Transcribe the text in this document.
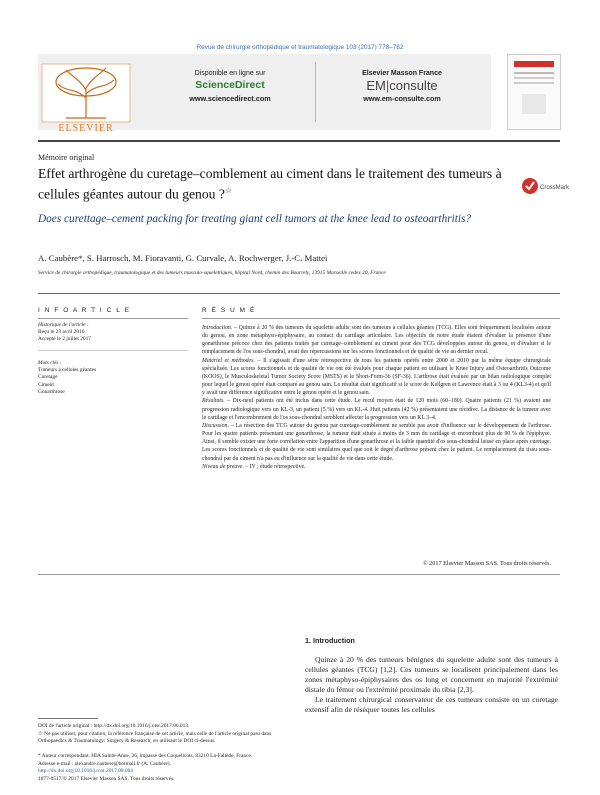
Revue de chirurgie orthopédique et traumatologique 103 (2017) 778–782
ELSEVIER
Disponible en ligne sur
ScienceDirect
www.sciencedirect.com
Elsevier Masson France
EM|consulte
www.em-consulte.com
Mémoire original
Effet arthrogène du curetage–comblement au ciment dans le traitement des tumeurs à cellules géantes autour du genou ?☆	CrossMark
Does curettage–cement packing for treating giant cell tumors at the knee lead to osteoarthritis?
A. Caubère*, S. Harrosch, M. Fioravanti, G. Curvale, A. Rochwerger, J.-C. Mattei
Service de chirurgie orthopédique, traumatologique et des tumeurs musculo-squelettiques, hôpital Nord, chemin des Bourrely, 13915 Marseille cedex 20, France
I N F O A R T I C L E
Historique de l'article :
Reçu le 23 avril 2016
Accepté le 2 juillet 2017
Mots clés :
Tumeurs à cellules géantes
Curetage
Ciment
Gonarthrose
R É S U M É

Introduction. – Quinze à 20 % des tumeurs du squelette adulte sont des tumeurs à cellules géantes (TCG). Elles sont fréquemment localisées autour du genou, en zone métaphyso-épiphysaire, au contact du cartilage articulaire. Les objectifs de notre étude étaient d'évaluer la présence d'une gonarthrose précoce chez des patients traités par curetage–comblement au ciment pour des TCG développées autour du genou, et d'évaluer si le remplacement de l'os sous-chondral, avait des répercussions sur les scores fonctionnels et de qualité de vie au dernier recul.

Matériel et méthodes. – Il s'agissait d'une série rétrospective de tous les patients opérés entre 2000 et 2010 par la même équipe chirurgicale spécialisée. Les scores fonctionnels et de qualité de vie ont été évalués pour chaque patient en utilisant le Knee Injury and Osteoarthritis Outcome (KOOS), le Musculoskeletal Tumor Society Score (MSTS) et le Short-Form-36 (SF-36). L'arthrose était évaluée par un bilan radiologique complet pour lequel le genou opéré était comparé au genou sain. Le résultat était significatif si le score de Kellgren et Lawrence était à 3 ou 4 (KL3-4) et qu'il y avait une différence significative entre le genou opéré et le genou sain.

Résultats. – Dix-neuf patients ont été inclus dans cette étude. Le recul moyen était de 120 mois (60–180). Quatre patients (21 %) avaient une progression radiologique vers un KL-3, un patient (5 %) vers un KL-4. Huit patients (42 %) présentaient une récidive. La distance de la tumeur avec le cartilage et l'encombrement de l'os sous-chondral semblent affecter la progression vers un KL 3–4.

Discussion. – La résection des TCG autour du genou par curetage-comblement ne semble pas avoir d'influence sur le développement de l'arthrose. Pour les quatre patients présentant une gonarthrose, la tumeur était située à moins de 3 mm du cartilage et encombrait plus de 90 % de l'épiphyse. Ainsi, il semble exister une forte corrélation entre l'apparition d'une gonarthrose et la faible quantité d'os sous-chondral laissé en place après curetage. Les scores fonctionnels et de qualité de vie sont similaires quel que soit le degré d'arthrose présent chez le patient. Le remplacement du tissu sous-chondral par du ciment n'a pas eu d'influence sur la qualité de vie dans cette étude.

Niveau de preuve. – IV ; étude rétrospective.

© 2017 Elsevier Masson SAS. Tous droits réservés.
1. Introduction

Quinze à 20 % des tumeurs bénignes du squelette adulte sont des tumeurs à cellules géantes (TCG) [1,2]. Ces tumeurs se localisent principalement dans les zones métaphyso-épiphysaires des os long et concernent en majorité l'extrémité distale du fémur ou l'extrémité proximale du tibia [2,3].

Le traitement chirurgical conservateur de ces tumeurs consiste en un curetage extensif afin de réséquer toutes les cellules

DOI de l'article original : http://dx.doi.org/10.1016/j.otsr.2017.06.013.
☆ Ne pas utiliser, pour citation, la référence française de cet article, mais celle de l'article original paru dans Orthopaedics & Traumatology: Surgery & Research, en utilisant le DOI ci-dessus.
* Auteur correspondant. HIA Sainte-Anne, 26, impasse des Coquelicots, 83210 La-Fallède, France.
http://dx.doi.org/10.1016/j.rcot.2017.08.004
1877-0517/© 2017 Elsevier Masson SAS. Tous droits réservés.
Adresse e-mail : alexandre.caubere@hotmail.fr (A. Caubère).
